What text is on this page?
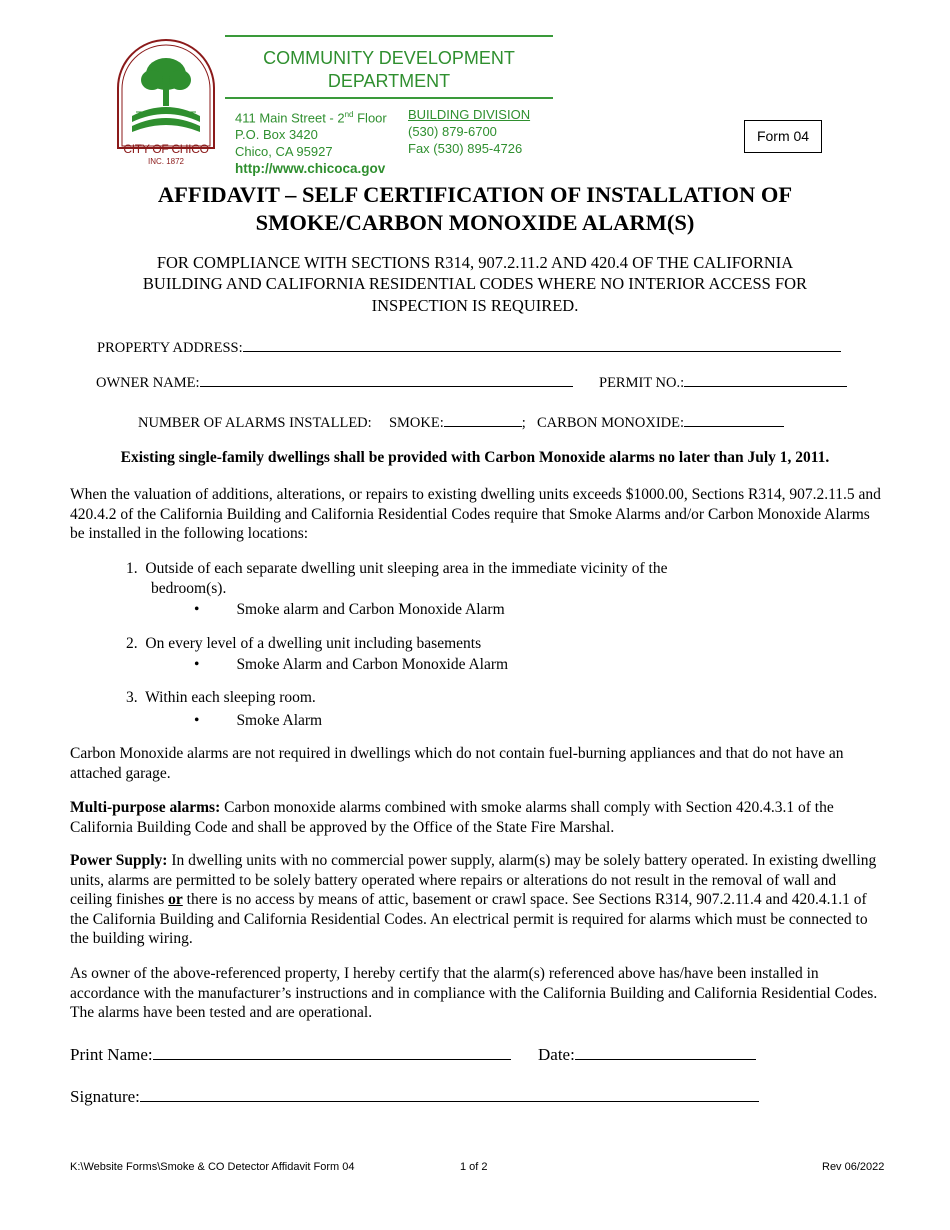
CITY OF CHICO
INC. 1872
COMMUNITY DEVELOPMENT
DEPARTMENT
411 Main Street - 2nd Floor
P.O. Box 3420
Chico, CA 95927
http://www.chicoca.gov
BUILDING DIVISION
(530) 879-6700
Fax (530) 895-4726
Form 04
AFFIDAVIT – SELF CERTIFICATION OF INSTALLATION OF
SMOKE/CARBON MONOXIDE ALARM(S)
FOR COMPLIANCE WITH SECTIONS R314, 907.2.11.2 AND 420.4 OF THE CALIFORNIA
BUILDING AND CALIFORNIA RESIDENTIAL CODES WHERE NO INTERIOR ACCESS FOR
INSPECTION IS REQUIRED.
PROPERTY ADDRESS:
OWNER NAME:	PERMIT NO.:
NUMBER OF ALARMS INSTALLED: SMOKE:	; CARBON MONOXIDE:
Existing single-family dwellings shall be provided with Carbon Monoxide alarms no later than July 1, 2011.
When the valuation of additions, alterations, or repairs to existing dwelling units exceeds $1000.00, Sections R314, 907.2.11.5 and 420.4.2 of the California Building and California Residential Codes require that Smoke Alarms and/or Carbon Monoxide Alarms be installed in the following locations:
1. Outside of each separate dwelling unit sleeping area in the immediate vicinity of the
bedroom(s).
• Smoke alarm and Carbon Monoxide Alarm
2. On every level of a dwelling unit including basements
• Smoke Alarm and Carbon Monoxide Alarm
3. Within each sleeping room.
• Smoke Alarm
Carbon Monoxide alarms are not required in dwellings which do not contain fuel-burning appliances and that do not have an attached garage.
Multi-purpose alarms: Carbon monoxide alarms combined with smoke alarms shall comply with Section 420.4.3.1 of the California Building Code and shall be approved by the Office of the State Fire Marshal.
Power Supply: In dwelling units with no commercial power supply, alarm(s) may be solely battery operated. In existing dwelling units, alarms are permitted to be solely battery operated where repairs or alterations do not result in the removal of wall and ceiling finishes or there is no access by means of attic, basement or crawl space. See Sections R314, 907.2.11.4 and 420.4.1.1 of the California Building and California Residential Codes. An electrical permit is required for alarms which must be connected to the building wiring.
As owner of the above-referenced property, I hereby certify that the alarm(s) referenced above has/have been installed in accordance with the manufacturer’s instructions and in compliance with the California Building and California Residential Codes. The alarms have been tested and are operational.
Print Name:	Date:
Signature:
K:\Website Forms\Smoke & CO Detector Affidavit Form 04	1 of 2	Rev 06/2022
